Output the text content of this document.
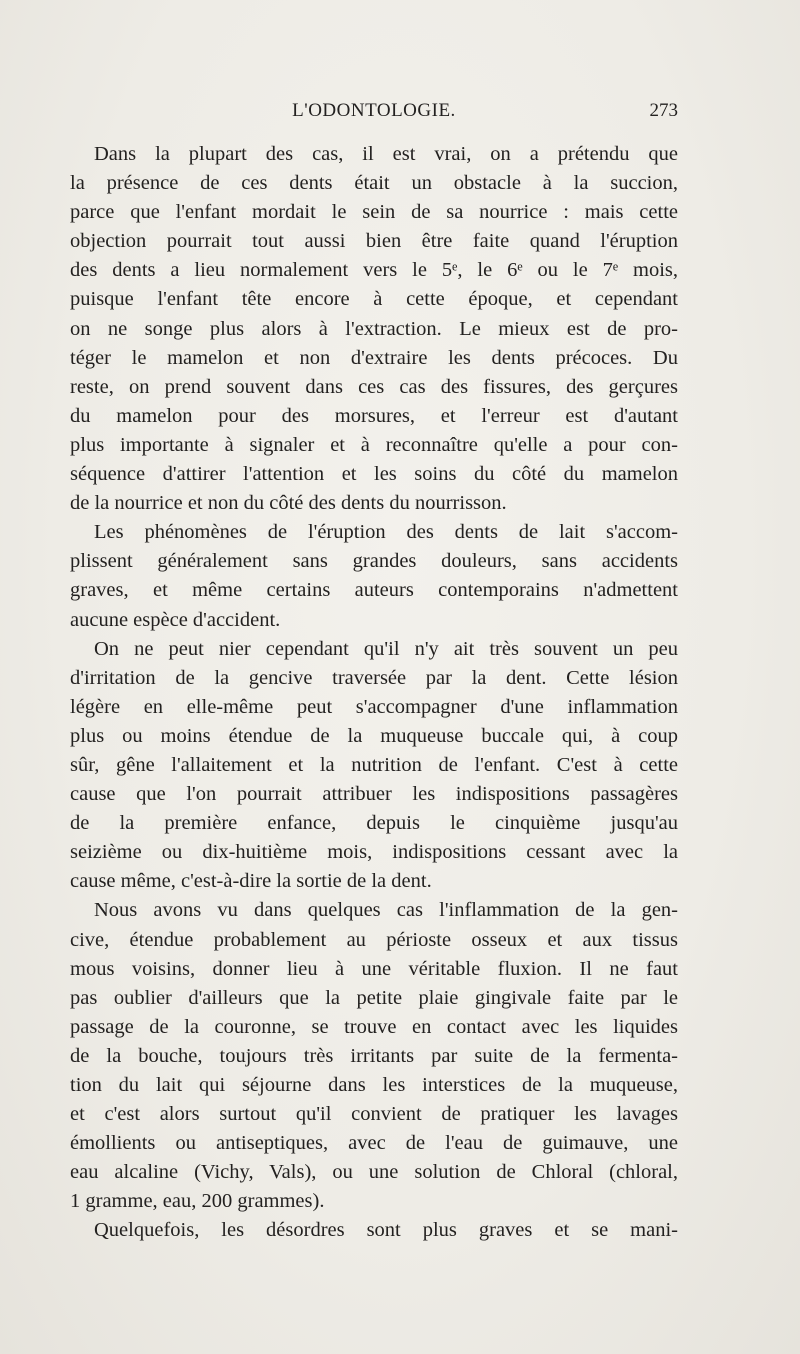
L'ODONTOLOGIE.	273
Dans la plupart des cas, il est vrai, on a prétendu que
la présence de ces dents était un obstacle à la succion,
parce que l'enfant mordait le sein de sa nourrice : mais cette
objection pourrait tout aussi bien être faite quand l'éruption
des dents a lieu normalement vers le 5ᵉ, le 6ᵉ ou le 7ᵉ mois,
puisque l'enfant tête encore à cette époque, et cependant
on ne songe plus alors à l'extraction. Le mieux est de pro-
téger le mamelon et non d'extraire les dents précoces. Du
reste, on prend souvent dans ces cas des fissures, des gerçures
du mamelon pour des morsures, et l'erreur est d'autant
plus importante à signaler et à reconnaître qu'elle a pour con-
séquence d'attirer l'attention et les soins du côté du mamelon
de la nourrice et non du côté des dents du nourrisson.
Les phénomènes de l'éruption des dents de lait s'accom-
plissent généralement sans grandes douleurs, sans accidents
graves, et même certains auteurs contemporains n'admettent
aucune espèce d'accident.
On ne peut nier cependant qu'il n'y ait très souvent un peu
d'irritation de la gencive traversée par la dent. Cette lésion
légère en elle-même peut s'accompagner d'une inflammation
plus ou moins étendue de la muqueuse buccale qui, à coup
sûr, gêne l'allaitement et la nutrition de l'enfant. C'est à cette
cause que l'on pourrait attribuer les indispositions passagères
de la première enfance, depuis le cinquième jusqu'au
seizième ou dix-huitième mois, indispositions cessant avec la
cause même, c'est-à-dire la sortie de la dent.
Nous avons vu dans quelques cas l'inflammation de la gen-
cive, étendue probablement au périoste osseux et aux tissus
mous voisins, donner lieu à une véritable fluxion. Il ne faut
pas oublier d'ailleurs que la petite plaie gingivale faite par le
passage de la couronne, se trouve en contact avec les liquides
de la bouche, toujours très irritants par suite de la fermenta-
tion du lait qui séjourne dans les interstices de la muqueuse,
et c'est alors surtout qu'il convient de pratiquer les lavages
émollients ou antiseptiques, avec de l'eau de guimauve, une
eau alcaline (Vichy, Vals), ou une solution de Chloral (chloral,
1 gramme, eau, 200 grammes).
Quelquefois, les désordres sont plus graves et se mani-
